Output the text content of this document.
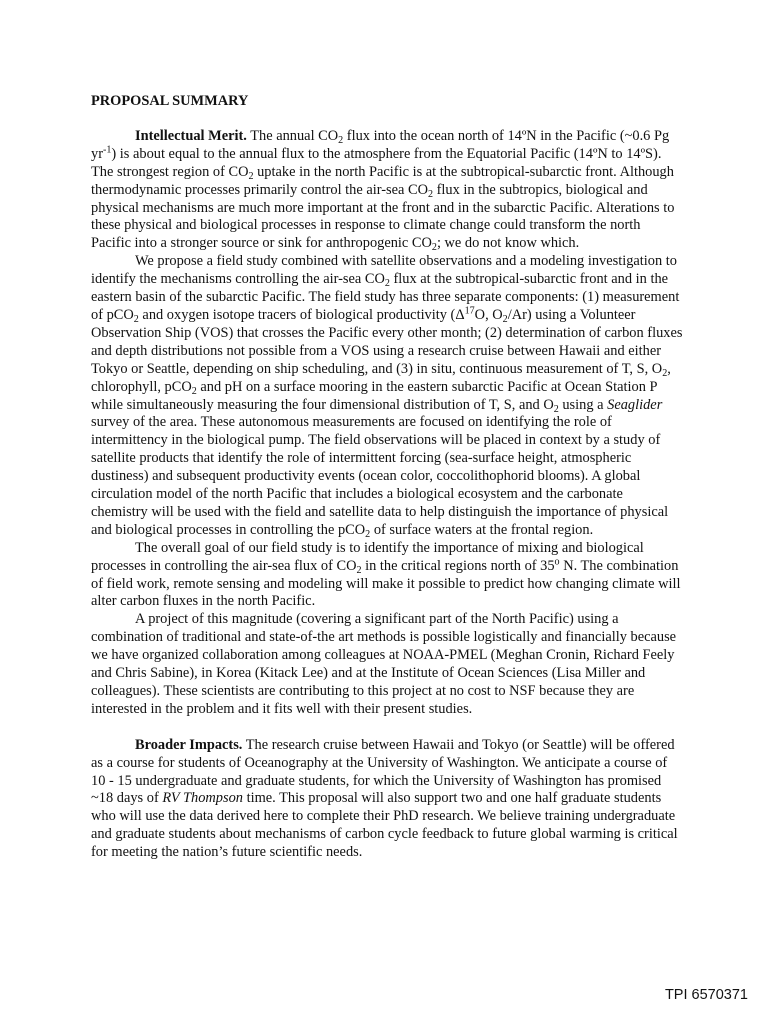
PROPOSAL SUMMARY

Intellectual Merit. The annual $CO_2$ flux into the ocean north of 14ºN in the Pacific (~0.6 Pg $yr^{-1}$) is about equal to the annual flux to the atmosphere from the Equatorial Pacific (14ºN to 14ºS). The strongest region of $CO_2$ uptake in the north Pacific is at the subtropical-subarctic front. Although thermodynamic processes primarily control the air-sea $CO_2$ flux in the subtropics, biological and physical mechanisms are much more important at the front and in the subarctic Pacific. Alterations to these physical and biological processes in response to climate change could transform the north Pacific into a stronger source or sink for anthropogenic $CO_2$; we do not know which.

We propose a field study combined with satellite observations and a modeling investigation to identify the mechanisms controlling the air-sea $CO_2$ flux at the subtropical-subarctic front and in the eastern basin of the subarctic Pacific. The field study has three separate components: (1) measurement of pCO$_2$ and oxygen isotope tracers of biological productivity ($\Delta^{17}O$, $O_2/Ar$) using a Volunteer Observation Ship (VOS) that crosses the Pacific every other month; (2) determination of carbon fluxes and depth distributions not possible from a VOS using a research cruise between Hawaii and either Tokyo or Seattle, depending on ship scheduling, and (3) in situ, continuous measurement of T, S, $O_2$, chlorophyll, pCO$_2$ and pH on a surface mooring in the eastern subarctic Pacific at Ocean Station P while simultaneously measuring the four dimensional distribution of T, S, and $O_2$ using a Seaglider survey of the area. These autonomous measurements are focused on identifying the role of intermittency in the biological pump. The field observations will be placed in context by a study of satellite products that identify the role of intermittent forcing (sea-surface height, atmospheric dustiness) and subsequent productivity events (ocean color, coccolithophorid blooms). A global circulation model of the north Pacific that includes a biological ecosystem and the carbonate chemistry will be used with the field and satellite data to help distinguish the importance of physical and biological processes in controlling the pCO$_2$ of surface waters at the frontal region.

The overall goal of our field study is to identify the importance of mixing and biological processes in controlling the air-sea flux of $CO_2$ in the critical regions north of 35$^o$ N. The combination of field work, remote sensing and modeling will make it possible to predict how changing climate will alter carbon fluxes in the north Pacific.

A project of this magnitude (covering a significant part of the North Pacific) using a combination of traditional and state-of-the art methods is possible logistically and financially because we have organized collaboration among colleagues at NOAA-PMEL (Meghan Cronin, Richard Feely and Chris Sabine), in Korea (Kitack Lee) and at the Institute of Ocean Sciences (Lisa Miller and colleagues). These scientists are contributing to this project at no cost to NSF because they are interested in the problem and it fits well with their present studies.

Broader Impacts. The research cruise between Hawaii and Tokyo (or Seattle) will be offered as a course for students of Oceanography at the University of Washington. We anticipate a course of 10 - 15 undergraduate and graduate students, for which the University of Washington has promised ~18 days of RV Thompson time. This proposal will also support two and one half graduate students who will use the data derived here to complete their PhD research. We believe training undergraduate and graduate students about mechanisms of carbon cycle feedback to future global warming is critical for meeting the nation’s future scientific needs.

TPI 6570371
